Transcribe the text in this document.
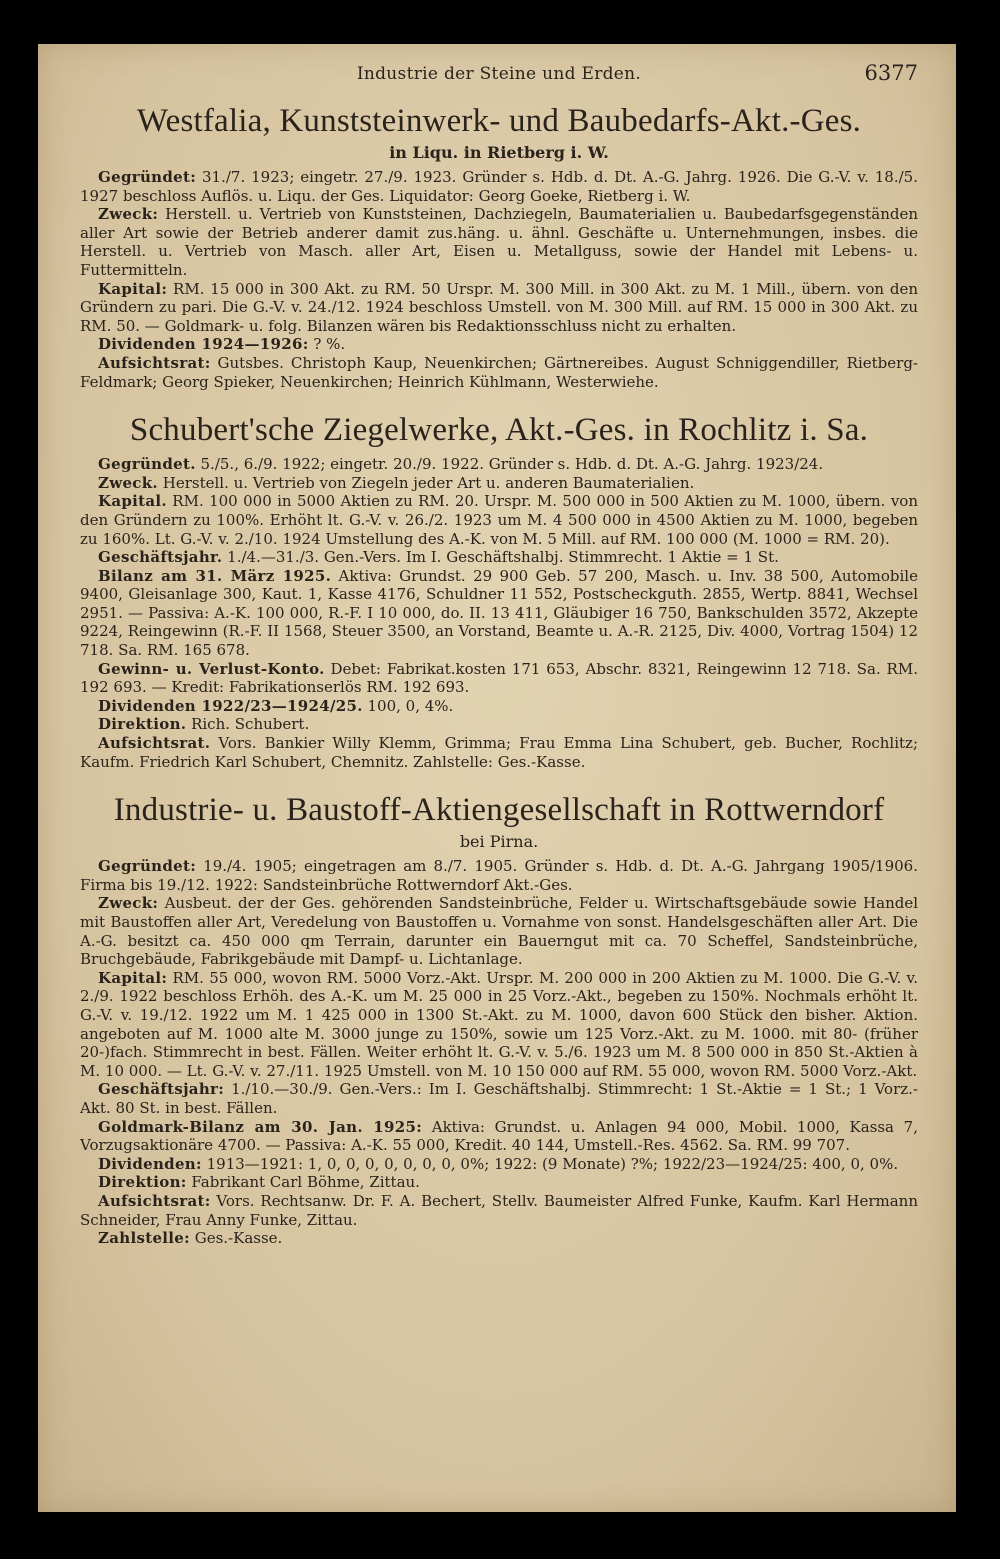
Industrie der Steine und Erden.	6377
Westfalia, Kunststeinwerk- und Baubedarfs-Akt.-Ges.
in Liqu. in Rietberg i. W.

Gegründet: 31./7. 1923; eingetr. 27./9. 1923. Gründer s. Hdb. d. Dt. A.-G. Jahrg. 1926. Die G.-V. v. 18./5. 1927 beschloss Auflös. u. Liqu. der Ges. Liquidator: Georg Goeke, Rietberg i. W.

Zweck: Herstell. u. Vertrieb von Kunststeinen, Dachziegeln, Baumaterialien u. Baubedarfsgegenständen aller Art sowie der Betrieb anderer damit zus.häng. u. ähnl. Geschäfte u. Unternehmungen, insbes. die Herstell. u. Vertrieb von Masch. aller Art, Eisen u. Metallguss, sowie der Handel mit Lebens- u. Futtermitteln.

Kapital: RM. 15 000 in 300 Akt. zu RM. 50 Urspr. M. 300 Mill. in 300 Akt. zu M. 1 Mill., übern. von den Gründern zu pari. Die G.-V. v. 24./12. 1924 beschloss Umstell. von M. 300 Mill. auf RM. 15 000 in 300 Akt. zu RM. 50. — Goldmark- u. folg. Bilanzen wären bis Redaktionsschluss nicht zu erhalten.

Dividenden 1924—1926: ? %.

Aufsichtsrat: Gutsbes. Christoph Kaup, Neuenkirchen; Gärtnereibes. August Schniggendiller, Rietberg-Feldmark; Georg Spieker, Neuenkirchen; Heinrich Kühlmann, Westerwiehe.

Schubert'sche Ziegelwerke, Akt.-Ges. in Rochlitz i. Sa.

Gegründet. 5./5., 6./9. 1922; eingetr. 20./9. 1922. Gründer s. Hdb. d. Dt. A.-G. Jahrg. 1923/24.

Zweck. Herstell. u. Vertrieb von Ziegeln jeder Art u. anderen Baumaterialien.

Kapital. RM. 100 000 in 5000 Aktien zu RM. 20. Urspr. M. 500 000 in 500 Aktien zu M. 1000, übern. von den Gründern zu 100%. Erhöht lt. G.-V. v. 26./2. 1923 um M. 4 500 000 in 4500 Aktien zu M. 1000, begeben zu 160%. Lt. G.-V. v. 2./10. 1924 Umstellung des A.-K. von M. 5 Mill. auf RM. 100 000 (M. 1000 = RM. 20).

Geschäftsjahr. 1./4.—31./3. Gen.-Vers. Im I. Geschäftshalbj. Stimmrecht. 1 Aktie = 1 St.

Bilanz am 31. März 1925. Aktiva: Grundst. 29 900 Geb. 57 200, Masch. u. Inv. 38 500, Automobile 9400, Gleisanlage 300, Kaut. 1, Kasse 4176, Schuldner 11 552, Postscheckguth. 2855, Wertp. 8841, Wechsel 2951. — Passiva: A.-K. 100 000, R.-F. I 10 000, do. II. 13 411, Gläubiger 16 750, Bankschulden 3572, Akzepte 9224, Reingewinn (R.-F. II 1568, Steuer 3500, an Vorstand, Beamte u. A.-R. 2125, Div. 4000, Vortrag 1504) 12 718. Sa. RM. 165 678.

Gewinn- u. Verlust-Konto. Debet: Fabrikat.kosten 171 653, Abschr. 8321, Reingewinn 12 718. Sa. RM. 192 693. — Kredit: Fabrikationserlös RM. 192 693.

Dividenden 1922/23—1924/25. 100, 0, 4%.

Direktion. Rich. Schubert.

Aufsichtsrat. Vors. Bankier Willy Klemm, Grimma; Frau Emma Lina Schubert, geb. Bucher, Rochlitz; Kaufm. Friedrich Karl Schubert, Chemnitz. Zahlstelle: Ges.-Kasse.

Industrie- u. Baustoff-Aktiengesellschaft in Rottwerndorf
bei Pirna.

Gegründet: 19./4. 1905; eingetragen am 8./7. 1905. Gründer s. Hdb. d. Dt. A.-G. Jahrgang 1905/1906. Firma bis 19./12. 1922: Sandsteinbrüche Rottwerndorf Akt.-Ges.

Zweck: Ausbeut. der der Ges. gehörenden Sandsteinbrüche, Felder u. Wirtschaftsgebäude sowie Handel mit Baustoffen aller Art, Veredelung von Baustoffen u. Vornahme von sonst. Handelsgeschäften aller Art. Die A.-G. besitzt ca. 450 000 qm Terrain, darunter ein Bauerngut mit ca. 70 Scheffel, Sandsteinbrüche, Bruchgebäude, Fabrikgebäude mit Dampf- u. Lichtanlage.

Kapital: RM. 55 000, wovon RM. 5000 Vorz.-Akt. Urspr. M. 200 000 in 200 Aktien zu M. 1000. Die G.-V. v. 2./9. 1922 beschloss Erhöh. des A.-K. um M. 25 000 in 25 Vorz.-Akt., begeben zu 150%. Nochmals erhöht lt. G.-V. v. 19./12. 1922 um M. 1 425 000 in 1300 St.-Akt. zu M. 1000, davon 600 Stück den bisher. Aktion. angeboten auf M. 1000 alte M. 3000 junge zu 150%, sowie um 125 Vorz.-Akt. zu M. 1000. mit 80- (früher 20-)fach. Stimmrecht in best. Fällen. Weiter erhöht lt. G.-V. v. 5./6. 1923 um M. 8 500 000 in 850 St.-Aktien à M. 10 000. — Lt. G.-V. v. 27./11. 1925 Umstell. von M. 10 150 000 auf RM. 55 000, wovon RM. 5000 Vorz.-Akt.

Geschäftsjahr: 1./10.—30./9. Gen.-Vers.: Im I. Geschäftshalbj. Stimmrecht: 1 St.-Aktie = 1 St.; 1 Vorz.-Akt. 80 St. in best. Fällen.

Goldmark-Bilanz am 30. Jan. 1925: Aktiva: Grundst. u. Anlagen 94 000, Mobil. 1000, Kassa 7, Vorzugsaktionäre 4700. — Passiva: A.-K. 55 000, Kredit. 40 144, Umstell.-Res. 4562. Sa. RM. 99 707.

Dividenden: 1913—1921: 1, 0, 0, 0, 0, 0, 0, 0, 0%; 1922: (9 Monate) ?%; 1922/23—1924/25: 400, 0, 0%.

Direktion: Fabrikant Carl Böhme, Zittau.

Aufsichtsrat: Vors. Rechtsanw. Dr. F. A. Bechert, Stellv. Baumeister Alfred Funke, Kaufm. Karl Hermann Schneider, Frau Anny Funke, Zittau.

Zahlstelle: Ges.-Kasse.
